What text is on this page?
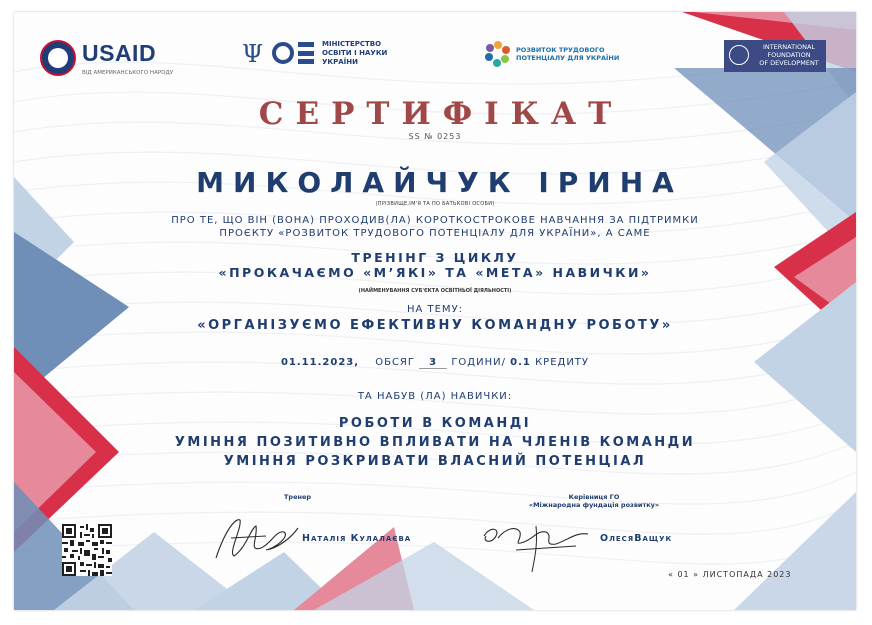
USAID
ВІД АМЕРИКАНСЬКОГО НАРОДУ
Ψ	МІНІСТЕРСТВО
ОСВІТИ І НАУКИ
УКРАЇНИ
РОЗВИТОК ТРУДОВОГО
ПОТЕНЦІАЛУ ДЛЯ УКРАЇНИ
INTERNATIONAL
FOUNDATION
OF DEVELOPMENT
СЕРТИФІКАТ
SS № 0253
МИКОЛАЙЧУК ІРИНА
(ПРІЗВИЩЕ,ІМ'Я ТА ПО БАТЬКОВІ ОСОБИ)
ПРО ТЕ, ЩО ВІН (ВОНА) ПРОХОДИВ(ЛА) КОРОТКОСТРОКОВЕ НАВЧАННЯ ЗА ПІДТРИМКИ
ПРОЄКТУ «РОЗВИТОК ТРУДОВОГО ПОТЕНЦІАЛУ ДЛЯ УКРАЇНИ», А САМЕ
ТРЕНІНГ З ЦИКЛУ
«ПРОКАЧАЄМО «М’ЯКІ» ТА «МЕТА» НАВИЧКИ»
(НАЙМЕНУВАННЯ СУБ'ЄКТА ОСВІТНЬОЇ ДІЯЛЬНОСТІ)
НА ТЕМУ:
«ОРГАНІЗУЄМО ЕФЕКТИВНУ КОМАНДНУ РОБОТУ»
01.11.2023, ОБСЯГ 3 ГОДИНИ/ 0.1 КРЕДИТУ
ТА НАБУВ (ЛА) НАВИЧКИ:
РОБОТИ В КОМАНДІ
УМІННЯ ПОЗИТИВНО ВПЛИВАТИ НА ЧЛЕНІВ КОМАНДИ
УМІННЯ РОЗКРИВАТИ ВЛАСНИЙ ПОТЕНЦІАЛ
Тренер
Наталія Кулалаєва
Керівниця ГО
«Міжнародна фундація розвитку»
ОлесяВащук
« 01 » ЛИСТОПАДА 2023
